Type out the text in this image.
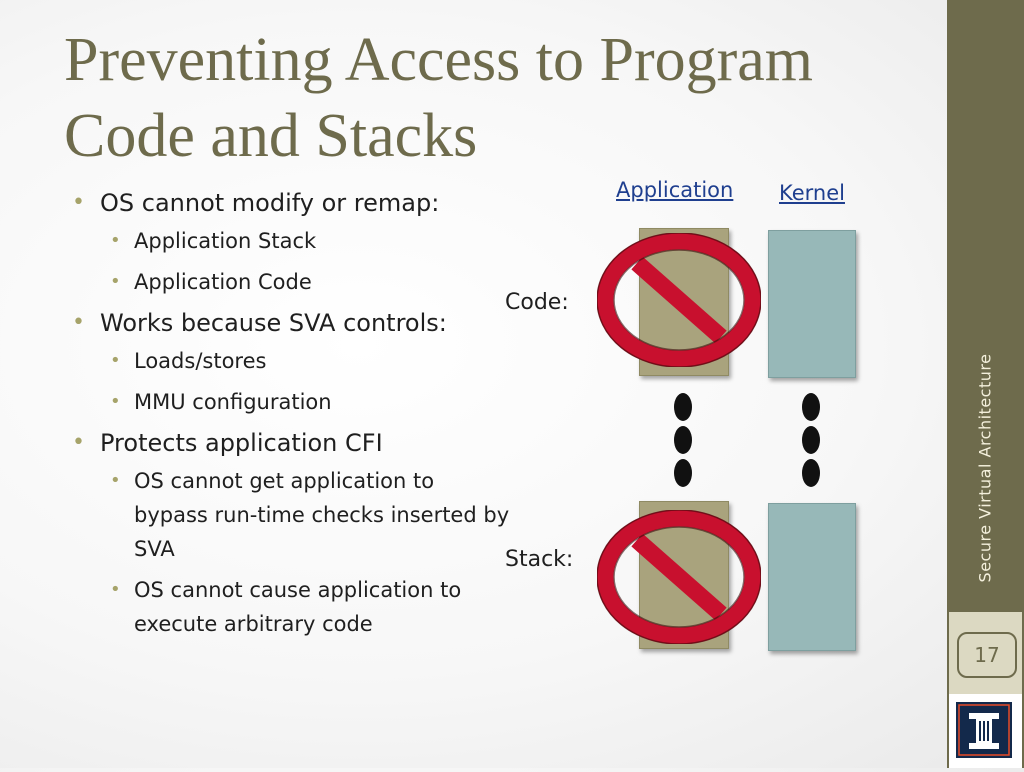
Preventing Access to Program
Code and Stacks
• OS cannot modify or remap:
• Application Stack
• Application Code
• Works because SVA controls:
• Loads/stores
• MMU configuration
• Protects application CFI
• OS cannot get application to bypass run-time checks inserted by SVA
• OS cannot cause application to execute arbitrary code
Application Kernel
Code:
Stack:	Secure Virtual Architecture
17
